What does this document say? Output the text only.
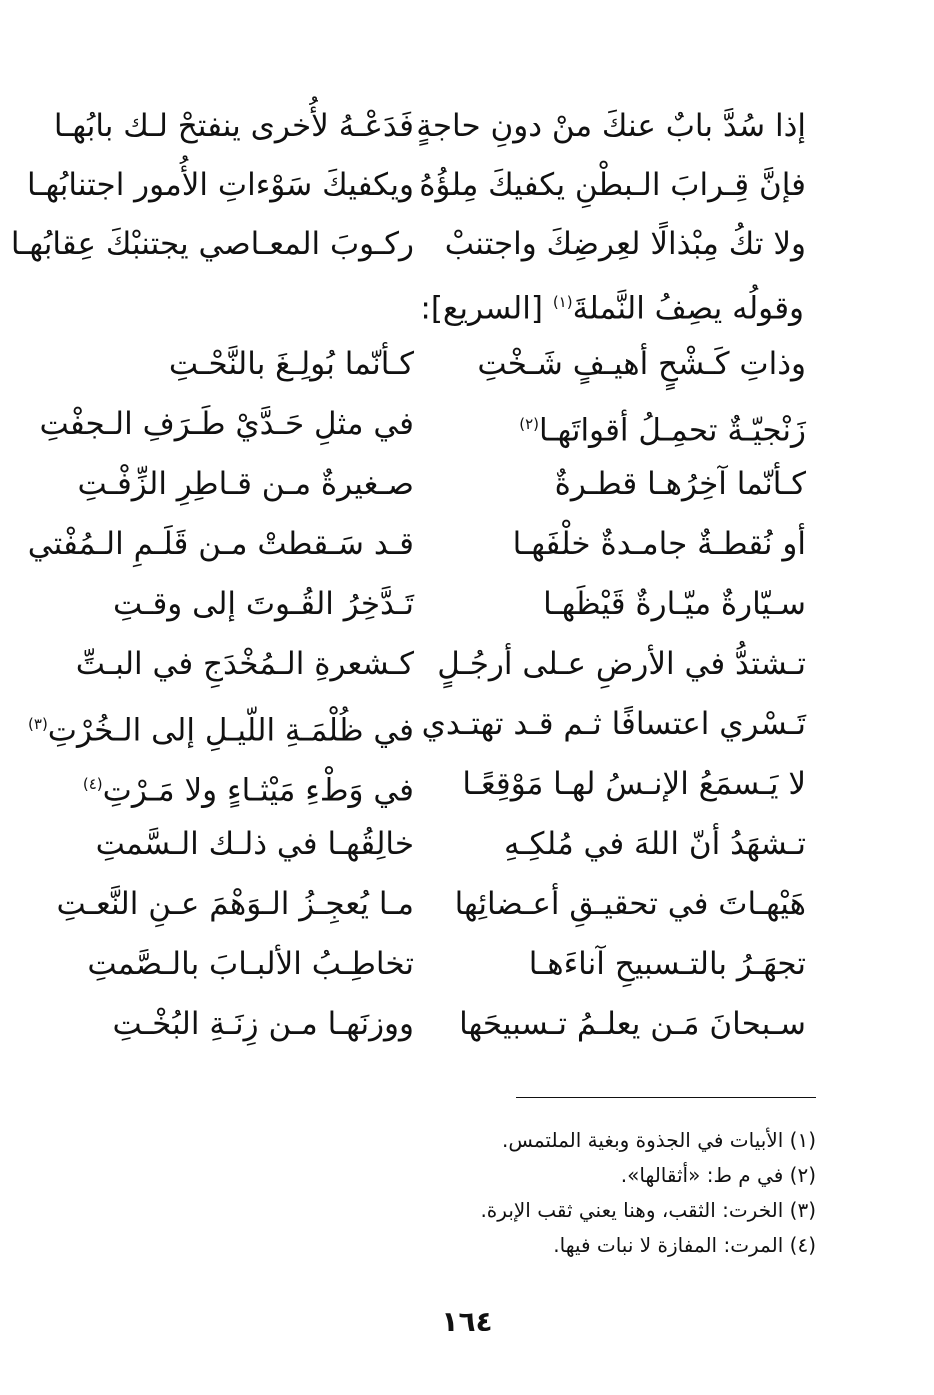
إذا سُدَّ بابٌ عنكَ منْ دونِ حاجةٍ
فَدَعْـهُ لأُخرى ينفتحْ لـك بابُهـا
فإنَّ قِـرابَ الـبطْنِ يكفيكَ مِلؤُهُ
ويكفيكَ سَوْءاتِ الأُمور اجتنابُهـا
ولا تكُ مِبْذالًا لعِرضِكَ واجتنبْ
ركـوبَ المعـاصي يجتنبْكَ عِقابُهـا
وقولُه يصِفُ النَّملةَ$^{(١)}$ [السريع]:
وذاتِ كَـشْحٍ أهيـفٍ شَـخْتِ
كـأنّما بُولِـغَ بالنَّحْـتِ
زَنْجيّـةٌ تحمِـلُ أقواتَهـا$^{(٢)}$
في مثلِ حَـدَّيْ طَـرَفِ الـجفْتِ
كـأنّما آخِرُهـا قطـرةٌ
صـغيرةٌ مـن قـاطِرِ الزِّفْـتِ
أو نُقطـةٌ جامـدةٌ خلْفَهـا
قـد سَـقطتْ مـن قَلَـمِ الـمُفْتي
سـيّارةٌ ميّـارةٌ قَيْظَهـا
تَـدَّخِرُ القُـوتَ إلى وقـتِ
تـشتدُّ في الأرضِ عـلى أرجُـلٍ
كـشعرةِ الـمُخْدَجِ في البـتِّ
تَـسْري اعتسافًا ثـم قـد تهتـدي
في ظُلْمَـةِ اللّيـلِ إلى الـخُرْتِ$^{(٣)}$
لا يَـسمَعُ الإنـسُ لهـا مَوْقِعًـا
في وَطْءِ مَيْثـاءٍ ولا مَـرْتِ$^{(٤)}$
تـشهَدُ أنّ اللهَ في مُلكِـهِ
خالِقُهـا في ذلـك الـسَّمتِ
هَيْهـاتَ في تحقيـقِ أعـضائِها
مـا يُعجِـزُ الـوَهْمَ عـنِ النَّعـتِ
تجهَـرُ بالتـسبيحِ آناءَهـا
تخاطِـبُ الألبـابَ بالـصَّمتِ
سـبحانَ مَـن يعلـمُ تـسبيحَها
ووزنَهـا مـن زِنَـةِ البُخْـتِ
(١) الأبيات في الجذوة وبغية الملتمس.
(٢) في م ط: «أثقالها».
(٣) الخرت: الثقب، وهنا يعني ثقب الإبرة.
(٤) المرت: المفازة لا نبات فيها.
١٦٤
